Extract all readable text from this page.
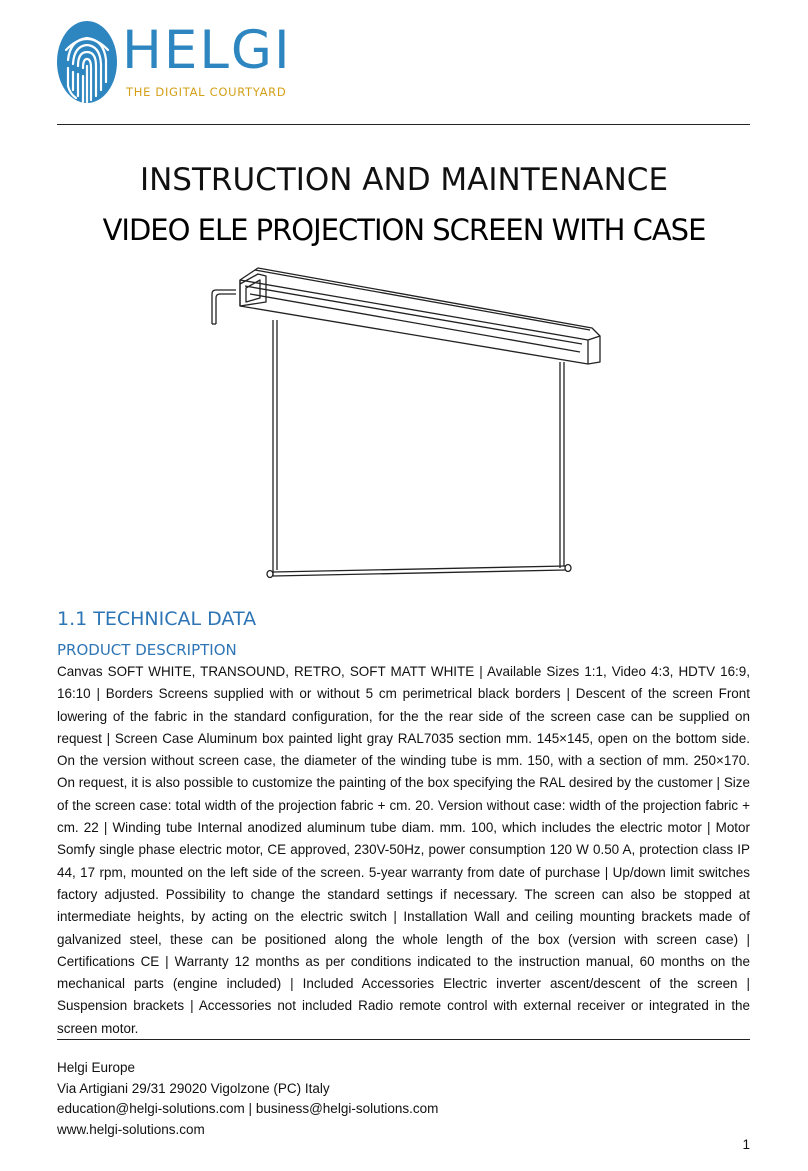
HELGI
THE DIGITAL COURTYARD
INSTRUCTION AND MAINTENANCE
VIDEO ELE PROJECTION SCREEN WITH CASE
1.1 TECHNICAL DATA
PRODUCT DESCRIPTION

Canvas SOFT WHITE, TRANSOUND, RETRO, SOFT MATT WHITE | Available Sizes 1:1, Video 4:3, HDTV 16:9, 16:10 | Borders Screens supplied with or without 5 cm perimetrical black borders | Descent of the screen Front lowering of the fabric in the standard configuration, for the the rear side of the screen case can be supplied on request | Screen Case Aluminum box painted light gray RAL7035 section mm. 145×145, open on the bottom side. On the version without screen case, the diameter of the winding tube is mm. 150, with a section of mm. 250×170. On request, it is also possible to customize the painting of the box specifying the RAL desired by the customer | Size of the screen case: total width of the projection fabric + cm. 20. Version without case: width of the projection fabric + cm. 22 | Winding tube Internal anodized aluminum tube diam. mm. 100, which includes the electric motor | Motor Somfy single phase electric motor, CE approved, 230V-50Hz, power consumption 120 W 0.50 A, protection class IP 44, 17 rpm, mounted on the left side of the screen. 5-year warranty from date of purchase | Up/down limit switches factory adjusted. Possibility to change the standard settings if necessary. The screen can also be stopped at intermediate heights, by acting on the electric switch | Installation Wall and ceiling mounting brackets made of galvanized steel, these can be positioned along the whole length of the box (version with screen case) | Certifications CE | Warranty 12 months as per conditions indicated to the instruction manual, 60 months on the mechanical parts (engine included) | Included Accessories Electric inverter ascent/descent of the screen | Suspension brackets | Accessories not included Radio remote control with external receiver or integrated in the screen motor.

Helgi Europe
Via Artigiani 29/31 29020 Vigolzone (PC) Italy
education@helgi-solutions.com | business@helgi-solutions.com
www.helgi-solutions.com
1
